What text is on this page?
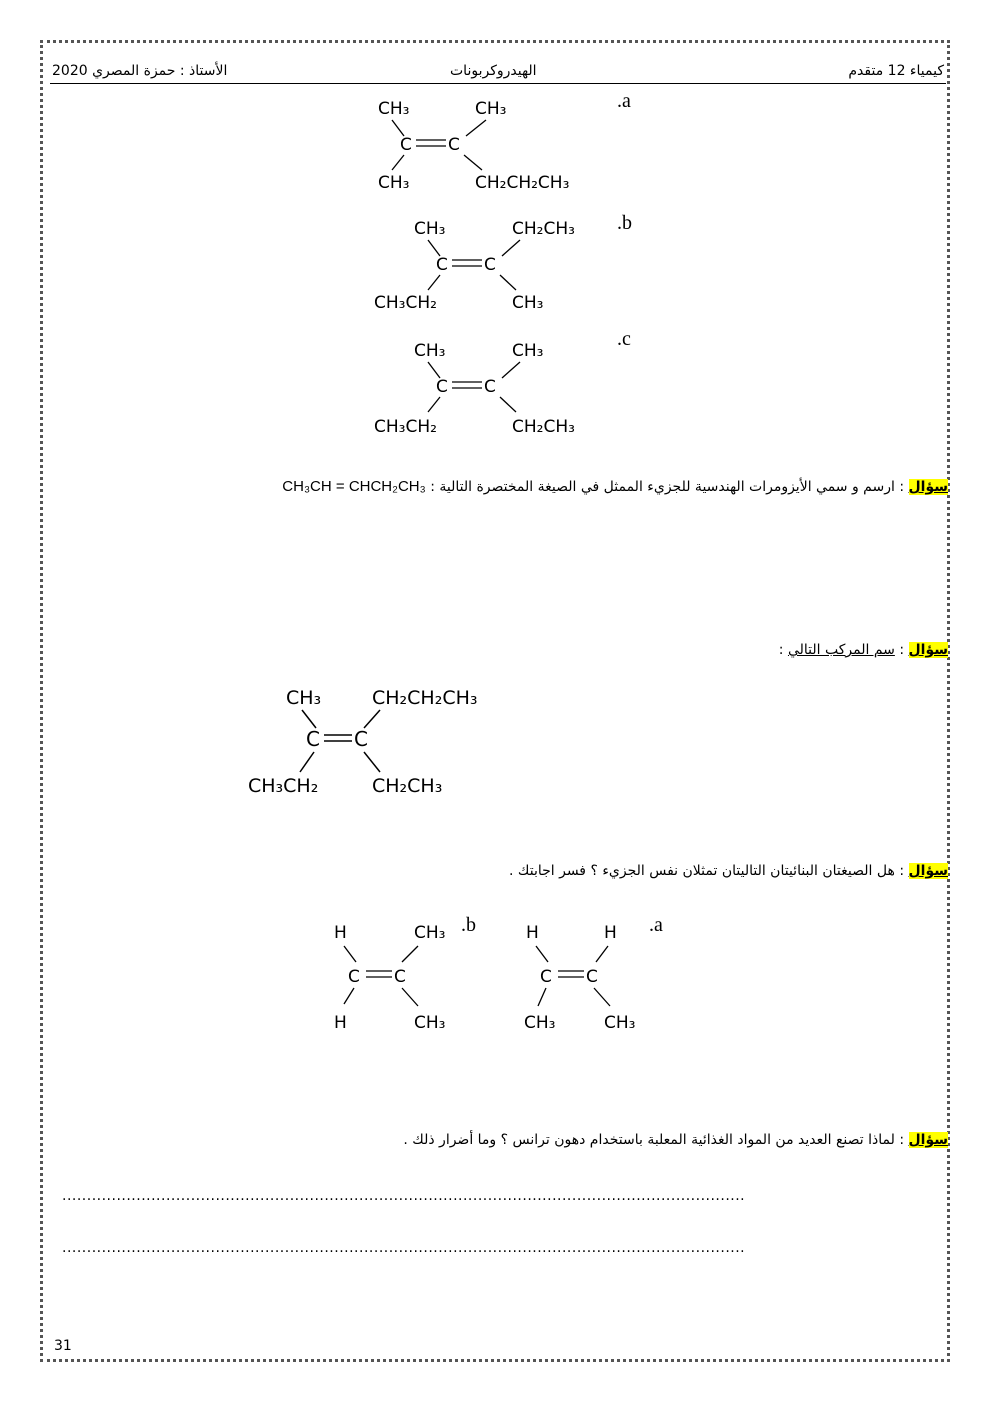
كيمياء 12 متقدم
الهيدروكربونات
الأستاذ : حمزة المصري 2020
CH₃	CH₃
C C
CH₃	CH₂CH₂CH₃
.a
CH₃	CH₂CH₃
C C
CH₃CH₂	CH₃
.b
CH₃	CH₃
C C
CH₃CH₂	CH₂CH₃
.c
سؤال : ارسم و سمي الأيزومرات الهندسية للجزيء الممثل في الصيغة المختصرة التالية : CH₃CH = CHCH₂CH₃
سؤال : سم المركب التالي :
CH₃	CH₂CH₂CH₃
C C
CH₃CH₂	CH₂CH₃
سؤال : هل الصيغتان البنائيتان التاليتان تمثلان نفس الجزيء ؟ فسر اجابتك .
H	CH₃
C C
H	CH₃
.b	H	H
C C
CH₃	CH₃
.a
سؤال : لماذا تصنع العديد من المواد الغذائية المعلبة باستخدام دهون ترانس ؟ وما أضرار ذلك .
..........................................................................................................................................
..........................................................................................................................................
31
